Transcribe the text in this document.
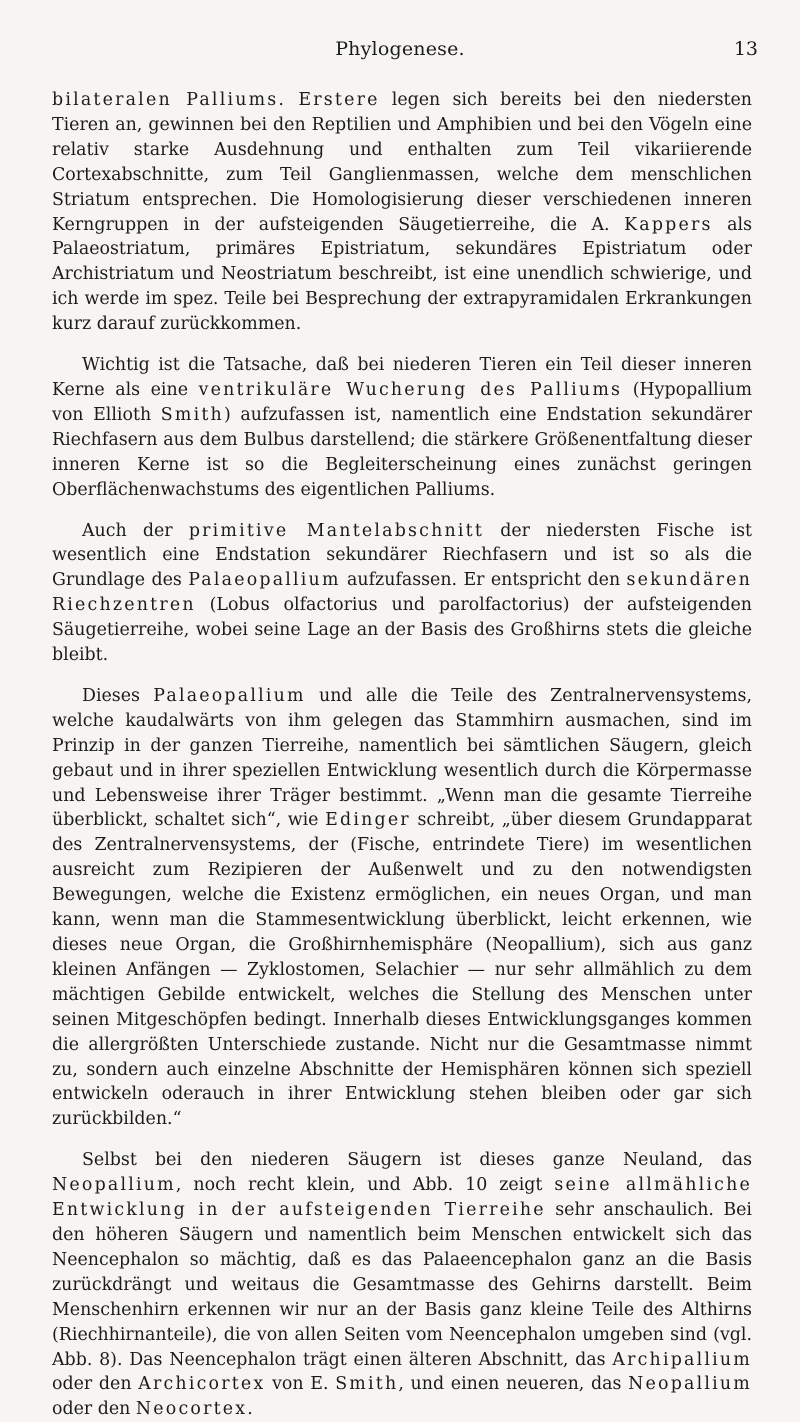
Phylogenese.	13

bilateralen Palliums. Erstere legen sich bereits bei den niedersten Tieren an, gewinnen bei den Reptilien und Amphibien und bei den Vögeln eine relativ starke Ausdehnung und enthalten zum Teil vikariierende Cortexabschnitte, zum Teil Ganglienmassen, welche dem menschlichen Striatum entsprechen. Die Homologisierung dieser verschiedenen inneren Kerngruppen in der aufsteigenden Säugetierreihe, die A. Kappers als Palaeostriatum, primäres Epistriatum, sekundäres Epistriatum oder Archistriatum und Neostriatum beschreibt, ist eine unendlich schwierige, und ich werde im spez. Teile bei Besprechung der extrapyramidalen Erkrankungen kurz darauf zurückkommen.

Wichtig ist die Tatsache, daß bei niederen Tieren ein Teil dieser inneren Kerne als eine ventrikuläre Wucherung des Palliums (Hypopallium von Ellioth Smith) aufzufassen ist, namentlich eine Endstation sekundärer Riechfasern aus dem Bulbus darstellend; die stärkere Größenentfaltung dieser inneren Kerne ist so die Begleiterscheinung eines zunächst geringen Oberflächenwachstums des eigentlichen Palliums.

Auch der primitive Mantelabschnitt der niedersten Fische ist wesentlich eine Endstation sekundärer Riechfasern und ist so als die Grundlage des Palaeopallium aufzufassen. Er entspricht den sekundären Riechzentren (Lobus olfactorius und parolfactorius) der aufsteigenden Säugetierreihe, wobei seine Lage an der Basis des Großhirns stets die gleiche bleibt.

Dieses Palaeopallium und alle die Teile des Zentralnervensystems, welche kaudalwärts von ihm gelegen das Stammhirn ausmachen, sind im Prinzip in der ganzen Tierreihe, namentlich bei sämtlichen Säugern, gleich gebaut und in ihrer speziellen Entwicklung wesentlich durch die Körpermasse und Lebensweise ihrer Träger bestimmt. „Wenn man die gesamte Tierreihe überblickt, schaltet sich“, wie Edinger schreibt, „über diesem Grundapparat des Zentralnervensystems, der (Fische, entrindete Tiere) im wesentlichen ausreicht zum Rezipieren der Außenwelt und zu den notwendigsten Bewegungen, welche die Existenz ermöglichen, ein neues Organ, und man kann, wenn man die Stammesentwicklung überblickt, leicht erkennen, wie dieses neue Organ, die Großhirnhemisphäre (Neopallium), sich aus ganz kleinen Anfängen — Zyklostomen, Selachier — nur sehr allmählich zu dem mächtigen Gebilde entwickelt, welches die Stellung des Menschen unter seinen Mitgeschöpfen bedingt. Innerhalb dieses Entwicklungsganges kommen die allergrößten Unterschiede zustande. Nicht nur die Gesamtmasse nimmt zu, sondern auch einzelne Abschnitte der Hemisphären können sich speziell entwickeln oderauch in ihrer Entwicklung stehen bleiben oder gar sich zurückbilden.“

Selbst bei den niederen Säugern ist dieses ganze Neuland, das Neopallium, noch recht klein, und Abb. 10 zeigt seine allmähliche Entwicklung in der aufsteigenden Tierreihe sehr anschaulich. Bei den höheren Säugern und namentlich beim Menschen entwickelt sich das Neencephalon so mächtig, daß es das Palaeencephalon ganz an die Basis zurückdrängt und weitaus die Gesamtmasse des Gehirns darstellt. Beim Menschenhirn erkennen wir nur an der Basis ganz kleine Teile des Althirns (Riechhirnanteile), die von allen Seiten vom Neencephalon umgeben sind (vgl. Abb. 8). Das Neencephalon trägt einen älteren Abschnitt, das Archipallium oder den Archicortex von E. Smith, und einen neueren, das Neopallium oder den Neocortex.
